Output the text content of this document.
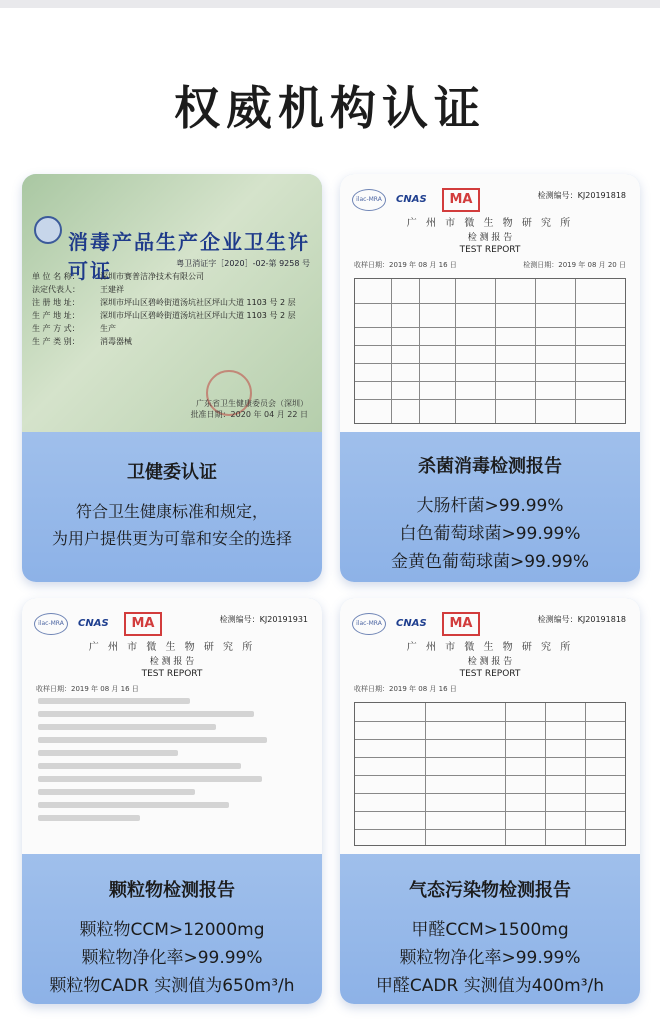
权威机构认证
消毒产品生产企业卫生许可证	粤卫消证字［2020］-02-第 9258 号
单 位 名 称：	深圳市赛普洁净技术有限公司
法定代表人：	王建祥
注 册 地 址：	深圳市坪山区碧岭街道汤坑社区坪山大道 1103 号 2 层
生 产 地 址：	深圳市坪山区碧岭街道汤坑社区坪山大道 1103 号 2 层
生 产 方 式：	生产
生 产 类 别：	消毒器械
广东省卫生健康委员会（深圳）
批准日期：2020 年 04 月 22 日
卫健委认证
符合卫生健康标准和规定，
为用户提供更为可靠和安全的选择
ilac-MRA	CNAS	MA	检测编号：KJ20191818
广 州 市 微 生 物 研 究 所
检 测 报 告
TEST REPORT
收样日期：2019 年 08 月 16 日	检测日期：2019 年 08 月 20 日
杀菌消毒检测报告
大肠杆菌>99.99%
白色葡萄球菌>99.99%
金黄色葡萄球菌>99.99%
ilac-MRA	CNAS	MA	检测编号：KJ20191931
广 州 市 微 生 物 研 究 所
检 测 报 告
TEST REPORT
收样日期：2019 年 08 月 16 日
颗粒物检测报告
颗粒物CCM>12000mg
颗粒物净化率>99.99%
颗粒物CADR 实测值为650m³/h
ilac-MRA	CNAS	MA	检测编号：KJ20191818
广 州 市 微 生 物 研 究 所
检 测 报 告
TEST REPORT
收样日期：2019 年 08 月 16 日
气态污染物检测报告
甲醛CCM>1500mg
颗粒物净化率>99.99%
甲醛CADR 实测值为400m³/h
